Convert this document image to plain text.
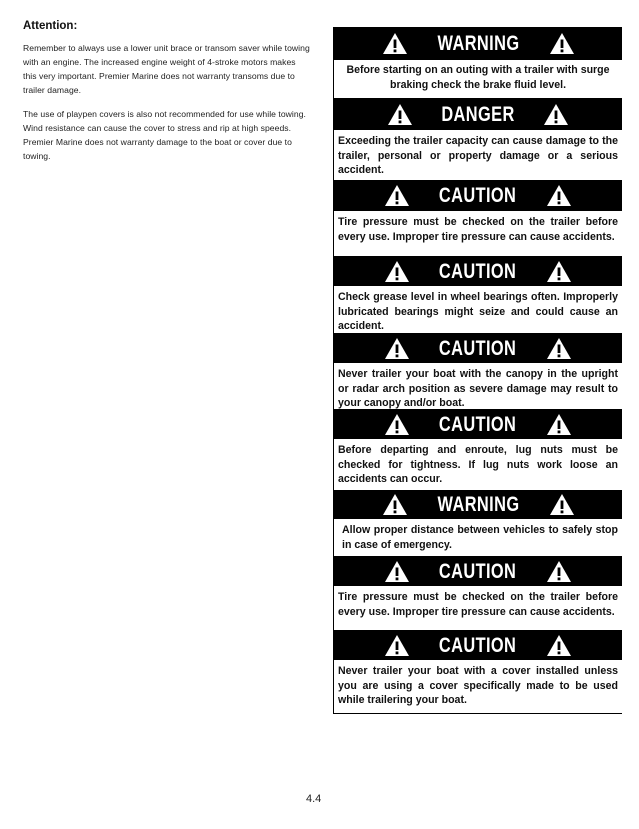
Attention:

Remember to always use a lower unit brace or transom saver while towing with an engine. The increased engine weight of 4-stroke motors makes this very important. Premier Marine does not warranty transoms due to trailer damage.

The use of playpen covers is also not recommended for use while towing. Wind resistance can cause the cover to stress and rip at high speeds. Premier Marine does not warranty damage to the boat or cover due to towing.

WARNING
Before starting on an outing with a trailer with surge braking check the brake fluid level.
DANGER
Exceeding the trailer capacity can cause damage to the trailer, personal or property damage or a serious accident.
CAUTION
Tire pressure must be checked on the trailer before every use. Improper tire pressure can cause accidents.
CAUTION
Check grease level in wheel bearings often. Improperly lubricated bearings might seize and could cause an accident.
CAUTION
Never trailer your boat with the canopy in the upright or radar arch position as severe damage may result to your canopy and/or boat.
CAUTION
Before departing and enroute, lug nuts must be checked for tightness. If lug nuts work loose an accidents can occur.
WARNING
Allow proper distance between vehicles to safely stop in case of emergency.
CAUTION
Tire pressure must be checked on the trailer before every use. Improper tire pressure can cause accidents.
CAUTION
Never trailer your boat with a cover installed unless you are using a cover specifically made to be used while trailering your boat.
4.4
